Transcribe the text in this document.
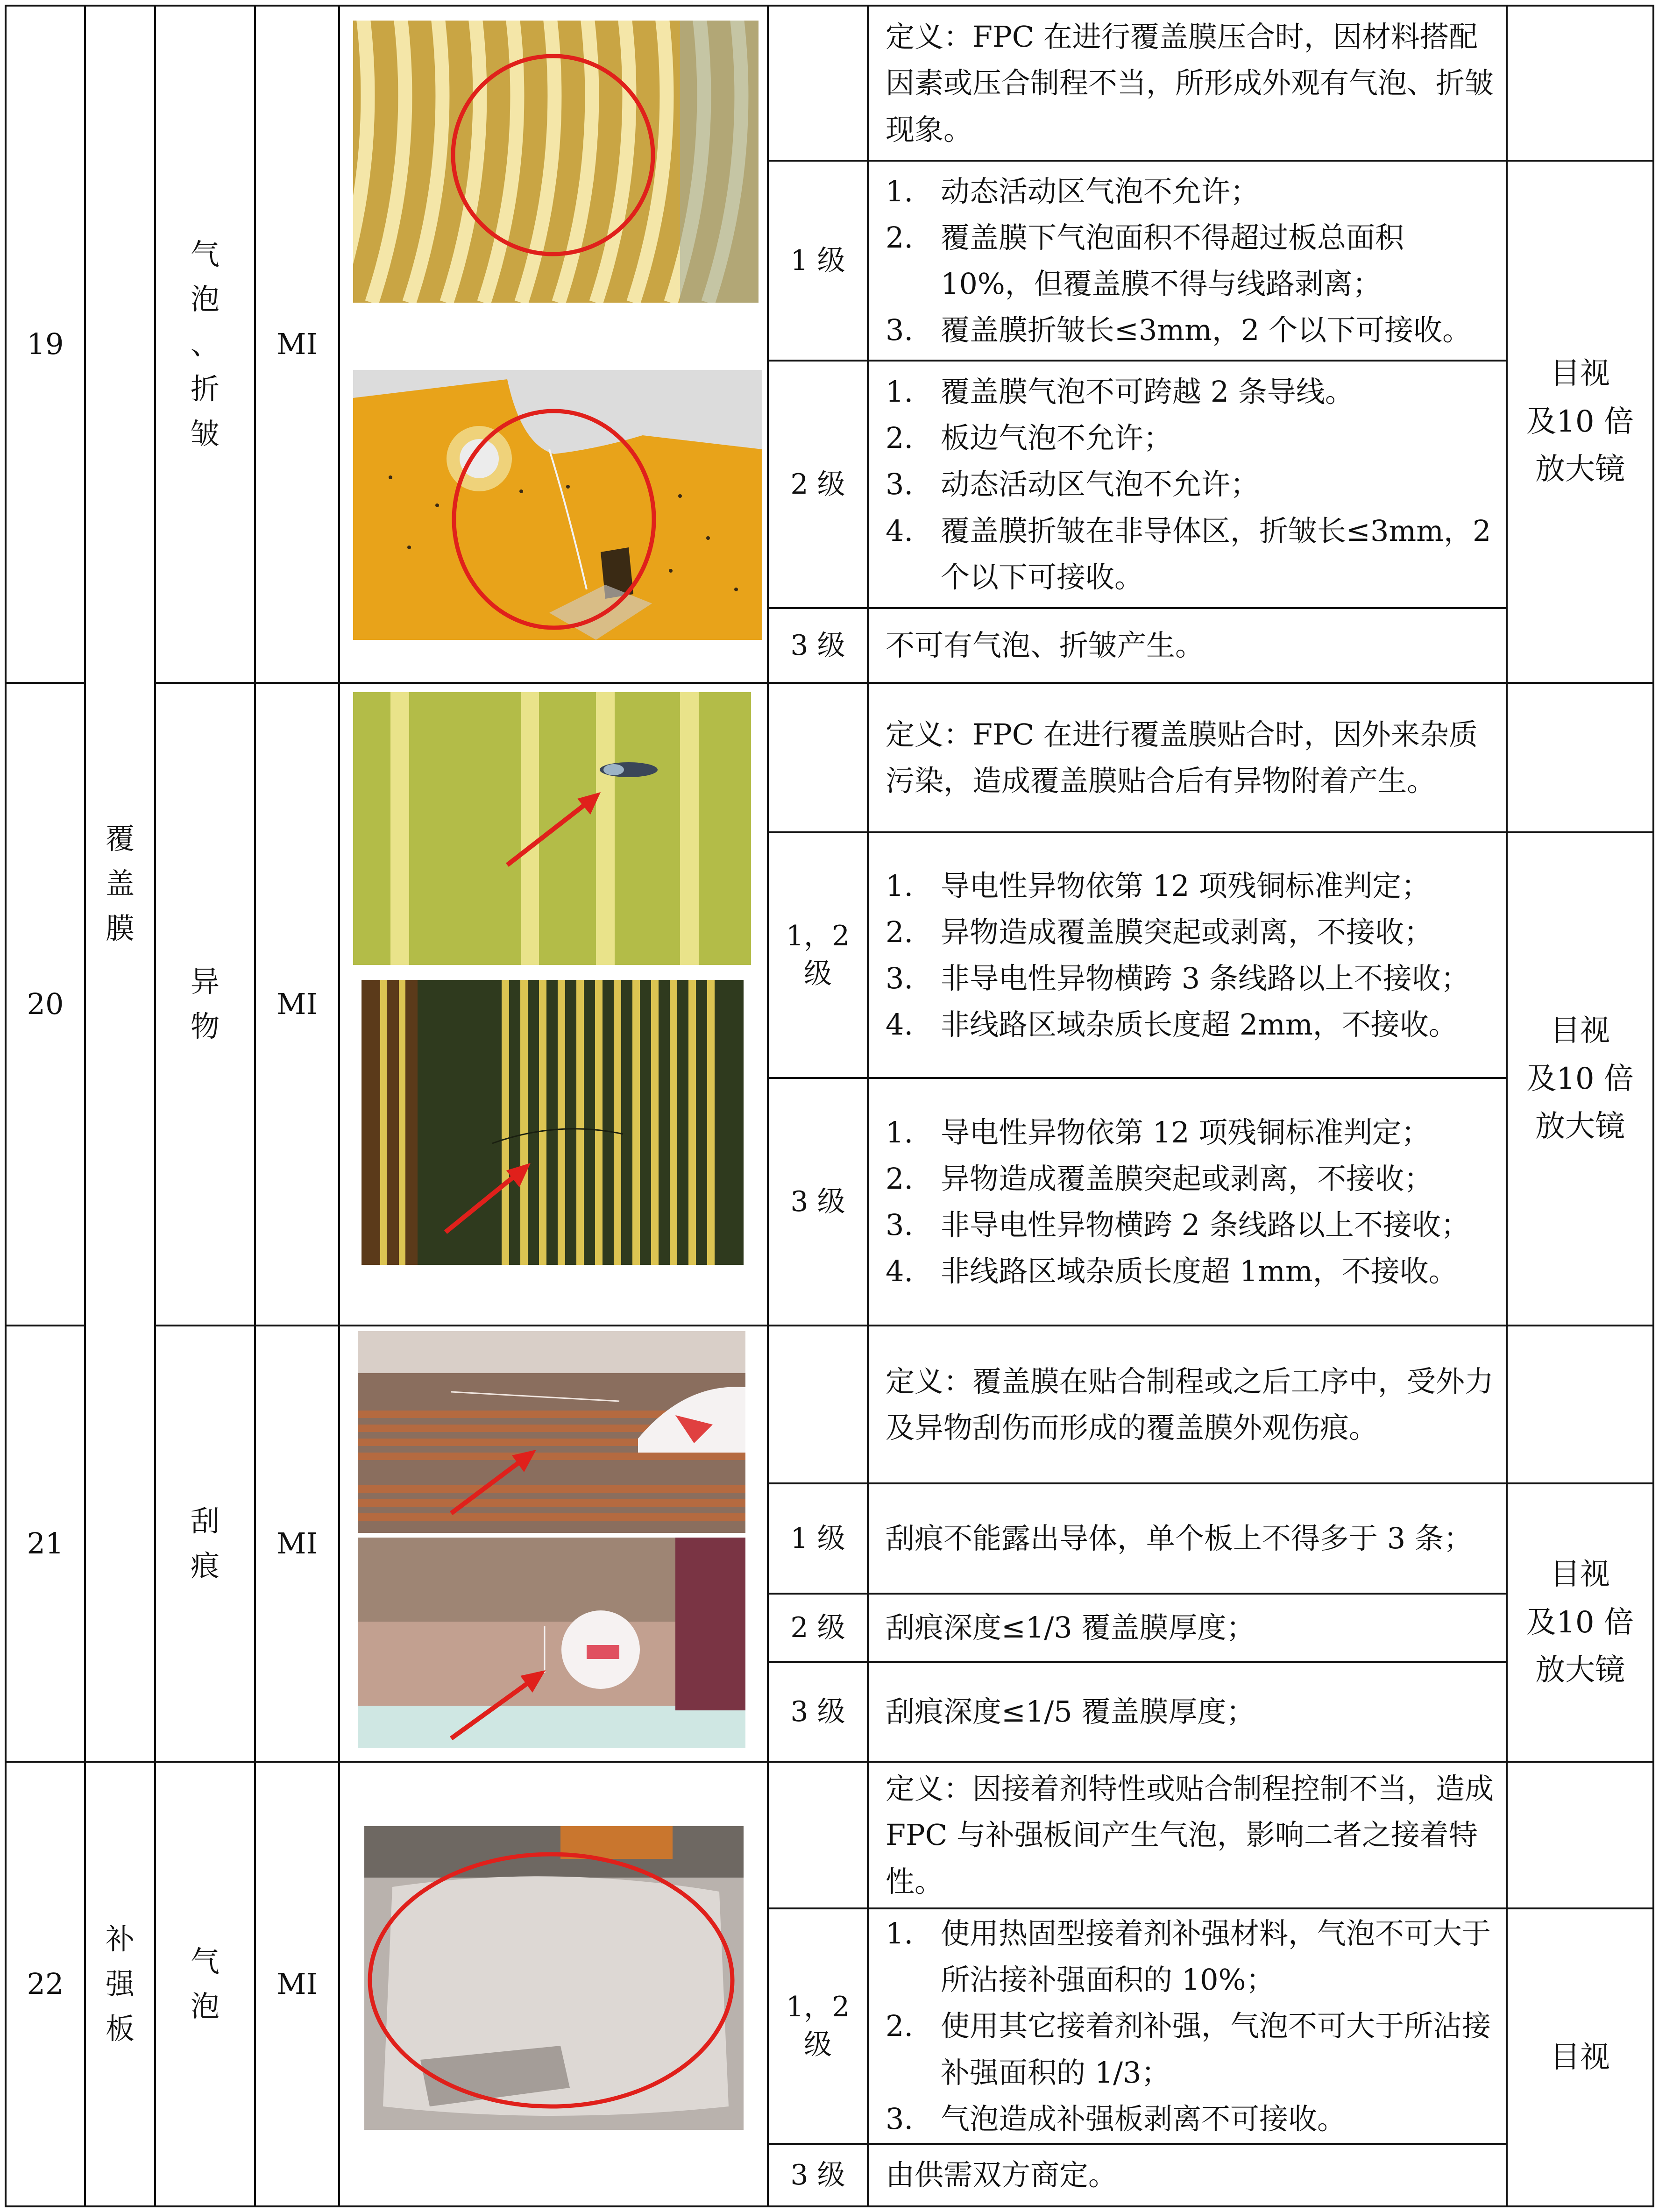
19
气
泡
、
折
皱
MI
定义：FPC 在进行覆盖膜压合时，因材料搭配因素或压合制程不当，所形成外观有气泡、折皱现象。
1 级
1. 动态活动区气泡不允许；
2. 覆盖膜下气泡面积不得超过板总面积 10%，但覆盖膜不得与线路剥离；
3. 覆盖膜折皱长≤3mm，2 个以下可接收。
2 级
1. 覆盖膜气泡不可跨越 2 条导线。
2. 板边气泡不允许；
3. 动态活动区气泡不允许；
4. 覆盖膜折皱在非导体区，折皱长≤3mm，2 个以下可接收。
3 级 不可有气泡、折皱产生。
目视
及10 倍
放大镜
20
异
物
MI
定义：FPC 在进行覆盖膜贴合时，因外来杂质污染，造成覆盖膜贴合后有异物附着产生。
1，2 级
1. 导电性异物依第 12 项残铜标准判定；
2. 异物造成覆盖膜突起或剥离，不接收；
3. 非导电性异物横跨 3 条线路以上不接收；
4. 非线路区域杂质长度超 2mm，不接收。
3 级
1. 导电性异物依第 12 项残铜标准判定；
2. 异物造成覆盖膜突起或剥离，不接收；
3. 非导电性异物横跨 2 条线路以上不接收；
4. 非线路区域杂质长度超 1mm，不接收。
目视
及10 倍
放大镜
覆
盖
膜
21
刮
痕
MI
定义：覆盖膜在贴合制程或之后工序中，受外力及异物刮伤而形成的覆盖膜外观伤痕。
1 级 刮痕不能露出导体，单个板上不得多于 3 条；
2 级 刮痕深度≤1/3 覆盖膜厚度；
3 级 刮痕深度≤1/5 覆盖膜厚度；
目视
及10 倍
放大镜
22
补
强
板
气
泡
MI
定义：因接着剂特性或贴合制程控制不当，造成 FPC 与补强板间产生气泡，影响二者之接着特性。
1，2 级
1. 使用热固型接着剂补强材料，气泡不可大于所沾接补强面积的 10%；
2. 使用其它接着剂补强，气泡不可大于所沾接补强面积的 1/3；
3. 气泡造成补强板剥离不可接收。
3 级 由供需双方商定。
目视
